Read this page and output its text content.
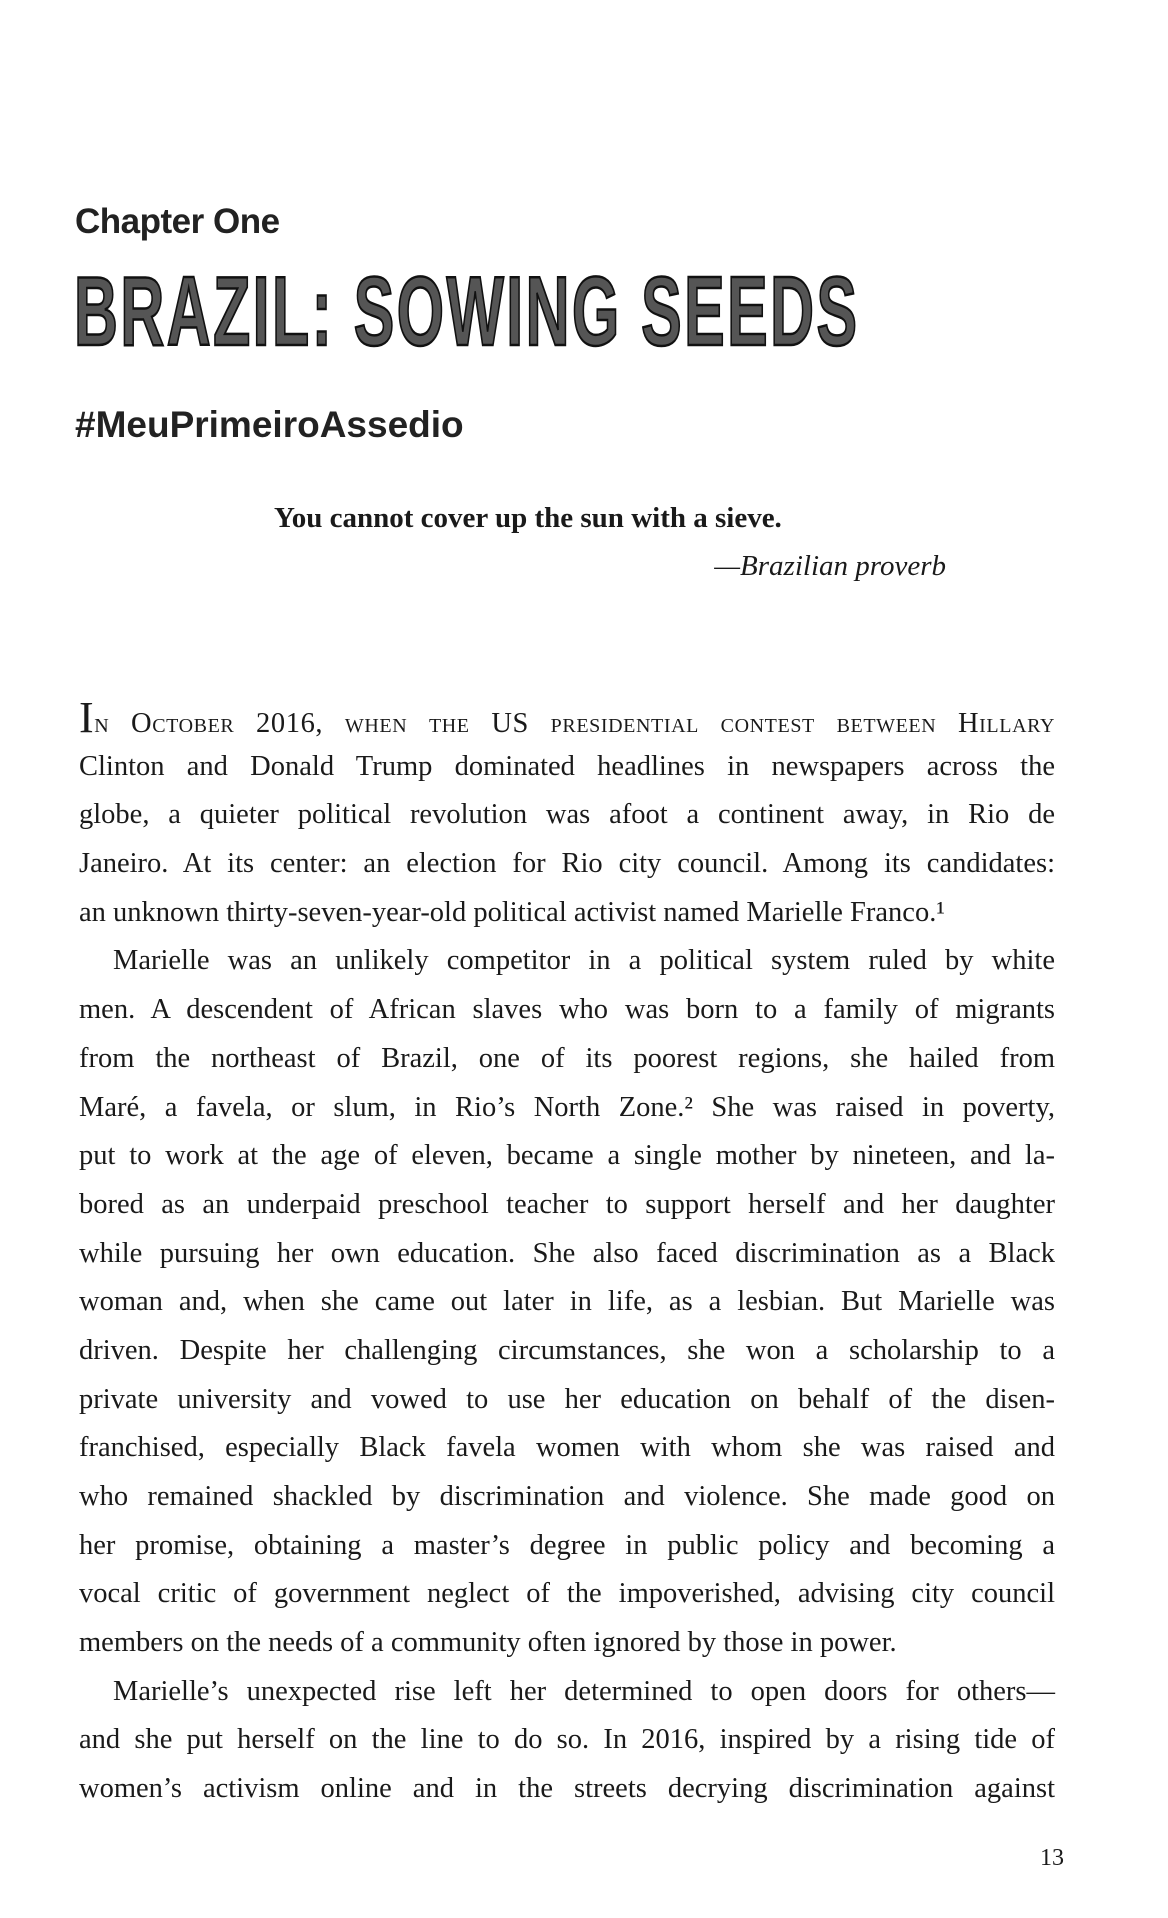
Chapter One
BRAZIL: SOWING SEEDS
#MeuPrimeiroAssedio
You cannot cover up the sun with a sieve.
—Brazilian proverb
In October 2016, when the US presidential contest between Hillary
Clinton and Donald Trump dominated headlines in newspapers across the
globe, a quieter political revolution was afoot a continent away, in Rio de
Janeiro. At its center: an election for Rio city council. Among its candidates:
an unknown thirty-seven-year-old political activist named Marielle Franco.¹
Marielle was an unlikely competitor in a political system ruled by white
men. A descendent of African slaves who was born to a family of migrants
from the northeast of Brazil, one of its poorest regions, she hailed from
Maré, a favela, or slum, in Rio’s North Zone.² She was raised in poverty,
put to work at the age of eleven, became a single mother by nineteen, and la-
bored as an underpaid preschool teacher to support herself and her daughter
while pursuing her own education. She also faced discrimination as a Black
woman and, when she came out later in life, as a lesbian. But Marielle was
driven. Despite her challenging circumstances, she won a scholarship to a
private university and vowed to use her education on behalf of the disen-
franchised, especially Black favela women with whom she was raised and
who remained shackled by discrimination and violence. She made good on
her promise, obtaining a master’s degree in public policy and becoming a
vocal critic of government neglect of the impoverished, advising city council
members on the needs of a community often ignored by those in power.
Marielle’s unexpected rise left her determined to open doors for others—
and she put herself on the line to do so. In 2016, inspired by a rising tide of
women’s activism online and in the streets decrying discrimination against
13
